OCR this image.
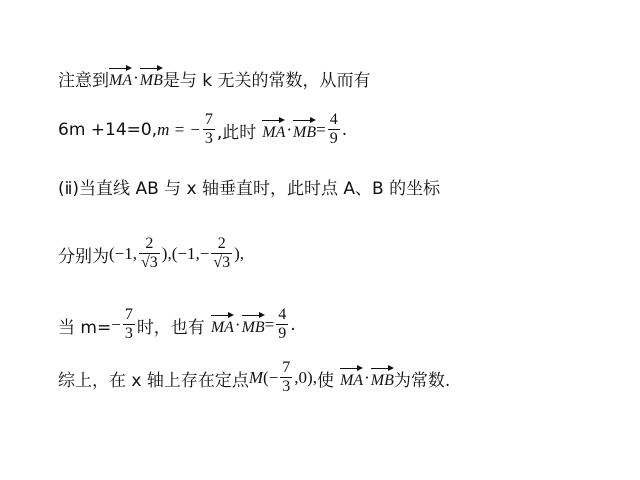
注意到 MA · MB 是与 k 无关的常数，从而有
6m +14=0, m = − $\frac{7}{3}$ ,此时 MA · MB = $\frac{4}{9}$ .
(ⅱ)当直线 AB 与 x 轴垂直时，此时点 A、B 的坐标
分别为 (−1, $\frac{2}{√3}$ ), ($-1,- \frac{2}{√3}$ ),
当 $m= - \frac{7}{3}$ 时，也有 MA · MB = $\frac{4}{9}$ .
综上，在 x 轴上存在定点 M (− $\frac{7}{3} ,0$), 使 MA · MB 为常数.
